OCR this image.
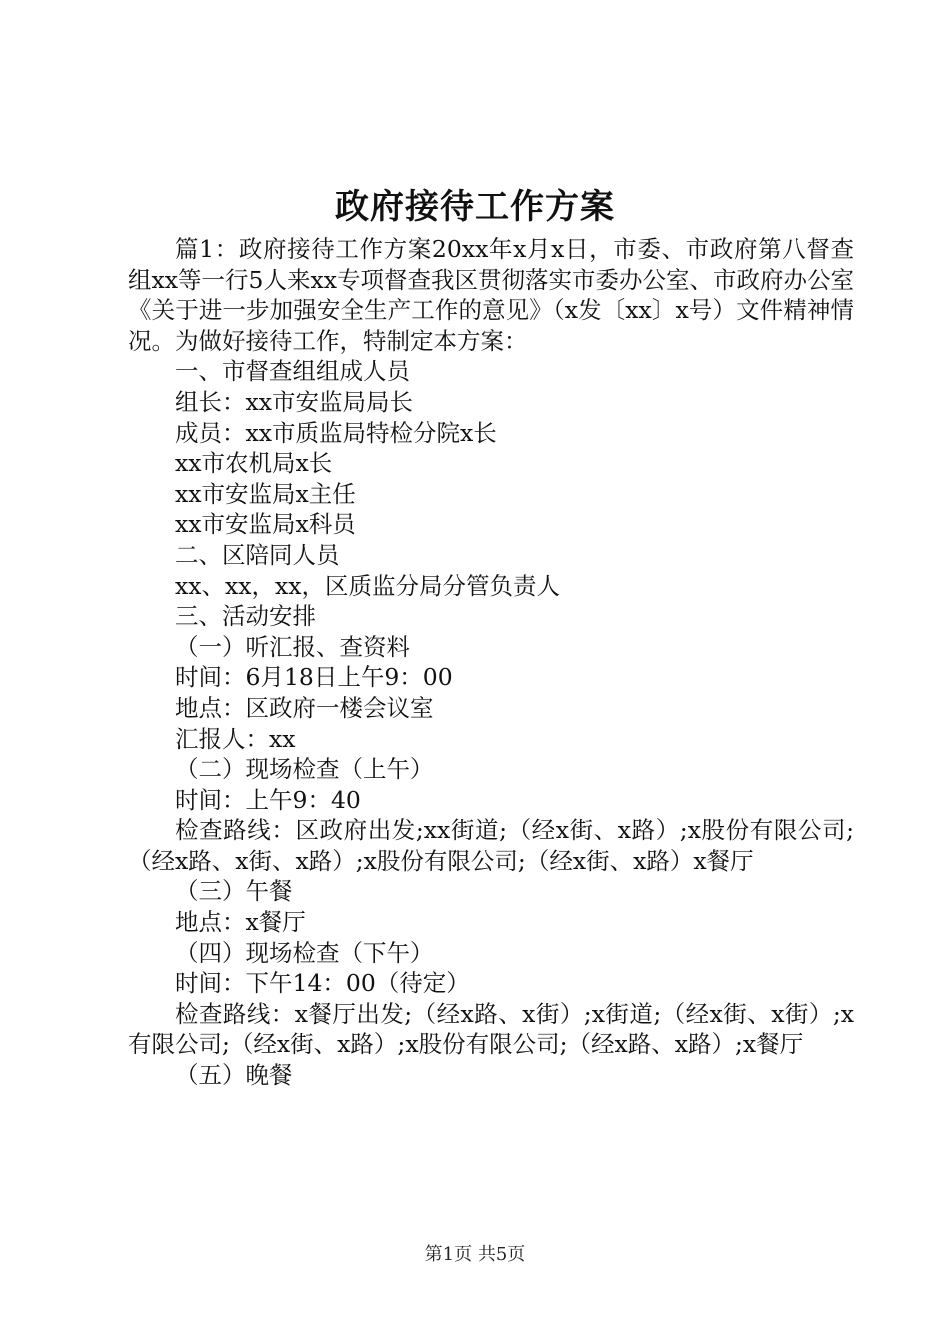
政府接待工作方案

篇1：政府接待工作方案20xx年x月x日，市委、市政府第八督查组xx等一行5人来xx专项督查我区贯彻落实市委办公室、市政府办公室《关于进一步加强安全生产工作的意见》（x发〔xx〕x号）文件精神情况。为做好接待工作，特制定本方案：

一、市督查组组成人员

组长：xx市安监局局长

成员：xx市质监局特检分院x长

xx市农机局x长

xx市安监局x主任

xx市安监局x科员

二、区陪同人员

xx、xx，xx，区质监分局分管负责人

三、活动安排

（一）听汇报、查资料

时间：6月18日上午9：00

地点：区政府一楼会议室

汇报人：xx

（二）现场检查（上午）

时间：上午9：40

检查路线：区政府出发;xx街道;（经x街、x路）;x股份有限公司;（经x路、x街、x路）;x股份有限公司;（经x街、x路）x餐厅

（三）午餐

地点：x餐厅

（四）现场检查（下午）

时间：下午14：00（待定）

检查路线：x餐厅出发;（经x路、x街）;x街道;（经x街、x街）;x有限公司;（经x街、x路）;x股份有限公司;（经x路、x路）;x餐厅

（五）晚餐

第1页 共5页
